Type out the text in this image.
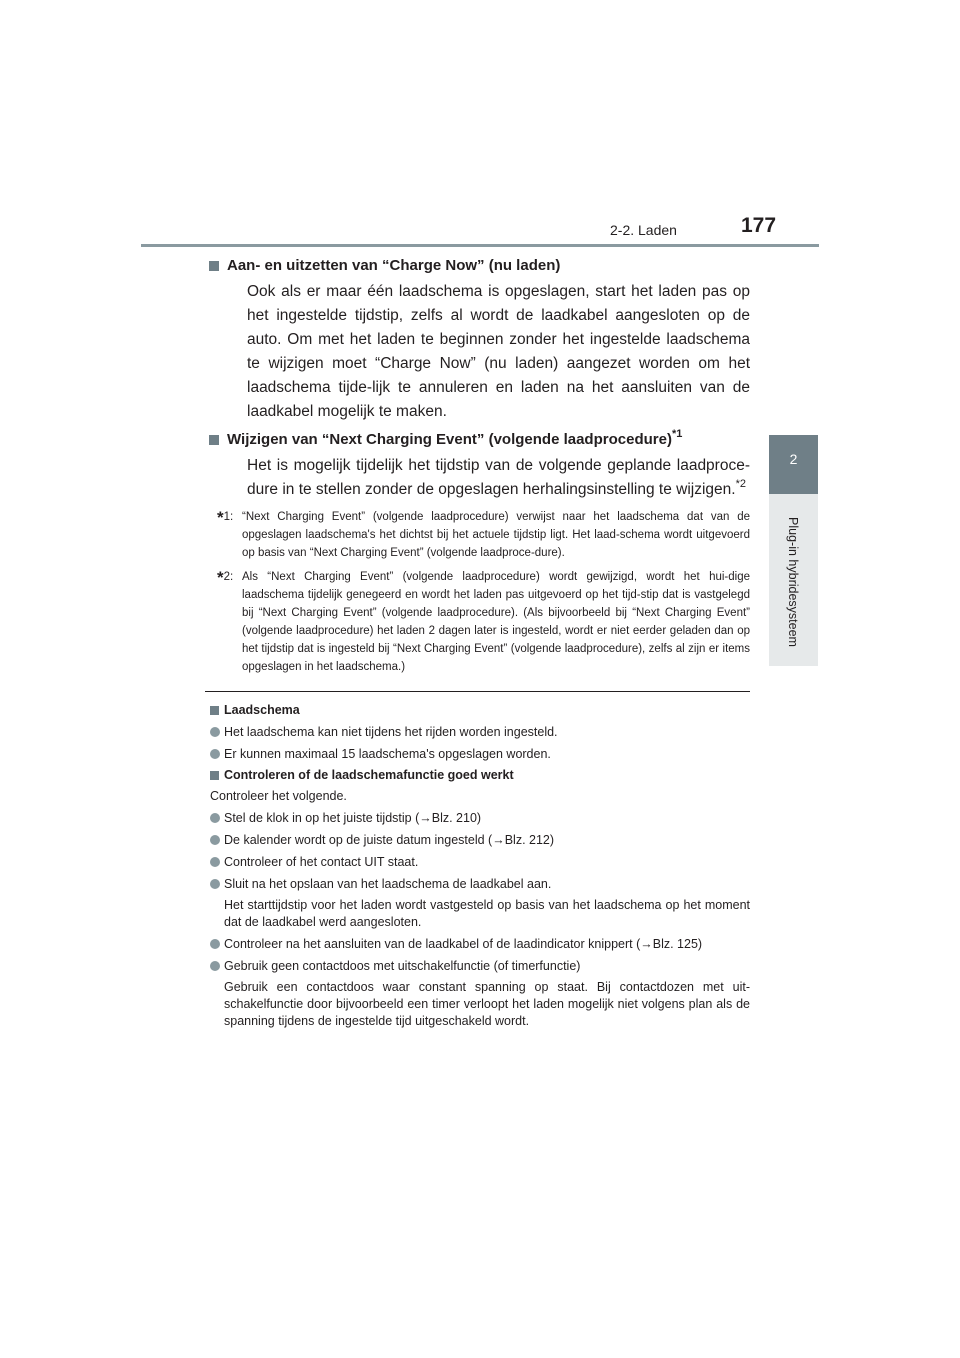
2-2. Laden	177
2
Plug-in hybridesysteem
Aan- en uitzetten van “Charge Now” (nu laden)
Ook als er maar één laadschema is opgeslagen, start het laden pas op het ingestelde tijdstip, zelfs al wordt de laadkabel aangesloten op de auto. Om met het laden te beginnen zonder het ingestelde laadschema te wijzigen moet “Charge Now” (nu laden) aangezet worden om het laadschema tijde-lijk te annuleren en laden na het aansluiten van de laadkabel mogelijk te maken.
Wijzigen van “Next Charging Event” (volgende laadprocedure)$^{*1}$
Het is mogelijk tijdelijk het tijdstip van de volgende geplande laadproce-dure in te stellen zonder de opgeslagen herhalingsinstelling te wijzigen.$^{*2}$
*1: “Next Charging Event” (volgende laadprocedure) verwijst naar het laadschema dat van de opgeslagen laadschema's het dichtst bij het actuele tijdstip ligt. Het laad-schema wordt uitgevoerd op basis van “Next Charging Event” (volgende laadproce-dure).
*2: Als “Next Charging Event” (volgende laadprocedure) wordt gewijzigd, wordt het hui-dige laadschema tijdelijk genegeerd en wordt het laden pas uitgevoerd op het tijd-stip dat is vastgelegd bij “Next Charging Event” (volgende laadprocedure). (Als bijvoorbeeld bij “Next Charging Event” (volgende laadprocedure) het laden 2 dagen later is ingesteld, wordt er niet eerder geladen dan op het tijdstip dat is ingesteld bij “Next Charging Event” (volgende laadprocedure), zelfs al zijn er items opgeslagen in het laadschema.)
Laadschema
Het laadschema kan niet tijdens het rijden worden ingesteld.
Er kunnen maximaal 15 laadschema's opgeslagen worden.
Controleren of de laadschemafunctie goed werkt
Controleer het volgende.
Stel de klok in op het juiste tijdstip (→Blz. 210)
De kalender wordt op de juiste datum ingesteld (→Blz. 212)
Controleer of het contact UIT staat.
Sluit na het opslaan van het laadschema de laadkabel aan.
Het starttijdstip voor het laden wordt vastgesteld op basis van het laadschema op het moment dat de laadkabel werd aangesloten.
Controleer na het aansluiten van de laadkabel of de laadindicator knippert (→Blz. 125)
Gebruik geen contactdoos met uitschakelfunctie (of timerfunctie)
Gebruik een contactdoos waar constant spanning op staat. Bij contactdozen met uit-schakelfunctie door bijvoorbeeld een timer verloopt het laden mogelijk niet volgens plan als de spanning tijdens de ingestelde tijd uitgeschakeld wordt.
